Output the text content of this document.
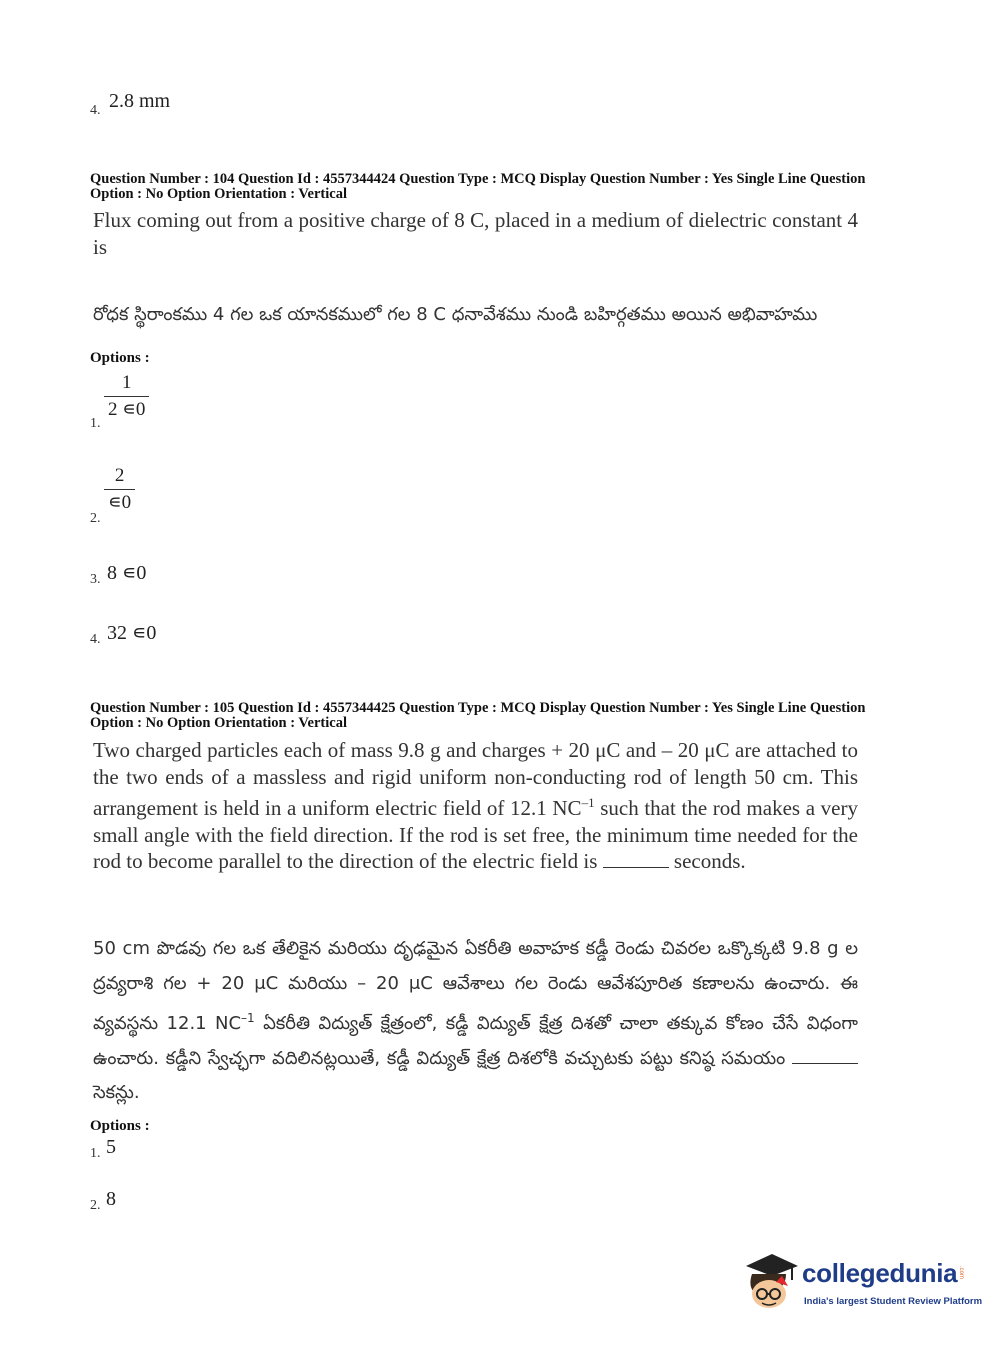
4. 2.8 mm
Question Number : 104 Question Id : 4557344424 Question Type : MCQ Display Question Number : Yes Single Line Question Option : No Option Orientation : Vertical
Flux coming out from a positive charge of 8 C, placed in a medium of dielectric constant 4 is
రోధక స్థిరాంకము 4 గల ఒక యానకములో గల 8 C ధనావేశము నుండి బహిర్గతము అయిన అభివాహము
Options :
1.
$\frac{1}{2 ∊0}$
2.
$\frac{2}{∊0}$
3. 8 ∊0
4. 32 ∊0
Question Number : 105 Question Id : 4557344425 Question Type : MCQ Display Question Number : Yes Single Line Question Option : No Option Orientation : Vertical
Two charged particles each of mass 9.8 g and charges + 20 μC and – 20 μC are attached to the two ends of a massless and rigid uniform non-conducting rod of length 50 cm. This arrangement is held in a uniform electric field of 12.1 $NC^{-1}$ such that the rod makes a very small angle with the field direction. If the rod is set free, the minimum time needed for the rod to become parallel to the direction of the electric field is	seconds.
50 cm పొడవు గల ఒక తేలికైన మరియు దృఢమైన ఏకరీతి అవాహక కడ్డీ రెండు చివరల ఒక్కొక్కటి 9.8 g ల ద్రవ్యరాశి గల + 20 μC మరియు – 20 μC ఆవేశాలు గల రెండు ఆవేశపూరిత కణాలను ఉంచారు. ఈ వ్యవస్థను 12.1 $NC^{-1}$ ఏకరీతి విద్యుత్ క్షేత్రంలో, కడ్డీ విద్యుత్ క్షేత్ర దిశతో చాలా తక్కువ కోణం చేసే విధంగా ఉంచారు. కడ్డీని స్వేచ్ఛగా వదిలినట్లయితే, కడ్డీ విద్యుత్ క్షేత్ర దిశలోకి వచ్చుటకు పట్టు కనిష్ఠ సమయం  సెకన్లు.
Options :
1. 5
2. 8
collegedunia .com
India's largest Student Review Platform
